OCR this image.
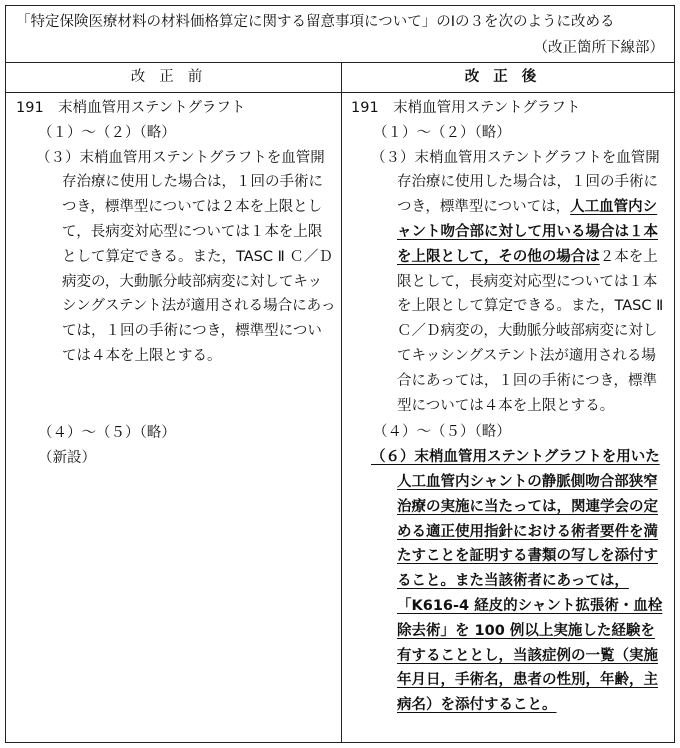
「特定保険医療材料の材料価格算定に関する留意事項について」のⅠの３を次のように改める
（改正箇所下線部）
改正前	改正後

191　末梢血管用ステントグラフト

（１）～（２）（略）

（３）末梢血管用ステントグラフトを血管開存治療に使用した場合は，１回の手術につき，標準型については２本を上限として，長病変対応型については１本を上限として算定できる。また，TASC Ⅱ Ｃ／Ｄ病変の，大動脈分岐部病変に対してキッシングステント法が適用される場合にあっては，１回の手術につき，標準型については４本を上限とする。

（４）～（５）（略）

（新設）

191　末梢血管用ステントグラフト

（１）～（２）（略）

（３）末梢血管用ステントグラフトを血管開存治療に使用した場合は，１回の手術につき，標準型については，人工血管内シャント吻合部に対して用いる場合は１本を上限として，その他の場合は２本を上限として，長病変対応型については１本を上限として算定できる。また，TASC Ⅱ Ｃ／Ｄ病変の，大動脈分岐部病変に対してキッシングステント法が適用される場合にあっては，１回の手術につき，標準型については４本を上限とする。

（４）～（５）（略）

（６）末梢血管用ステントグラフトを用いた人工血管内シャントの静脈側吻合部狭窄治療の実施に当たっては，関連学会の定める適正使用指針における術者要件を満たすことを証明する書類の写しを添付すること。また当該術者にあっては，「K616-4 経皮的シャント拡張術・血栓除去術」を 100 例以上実施した経験を有することとし，当該症例の一覧（実施年月日，手術名，患者の性別，年齢，主病名）を添付すること。
